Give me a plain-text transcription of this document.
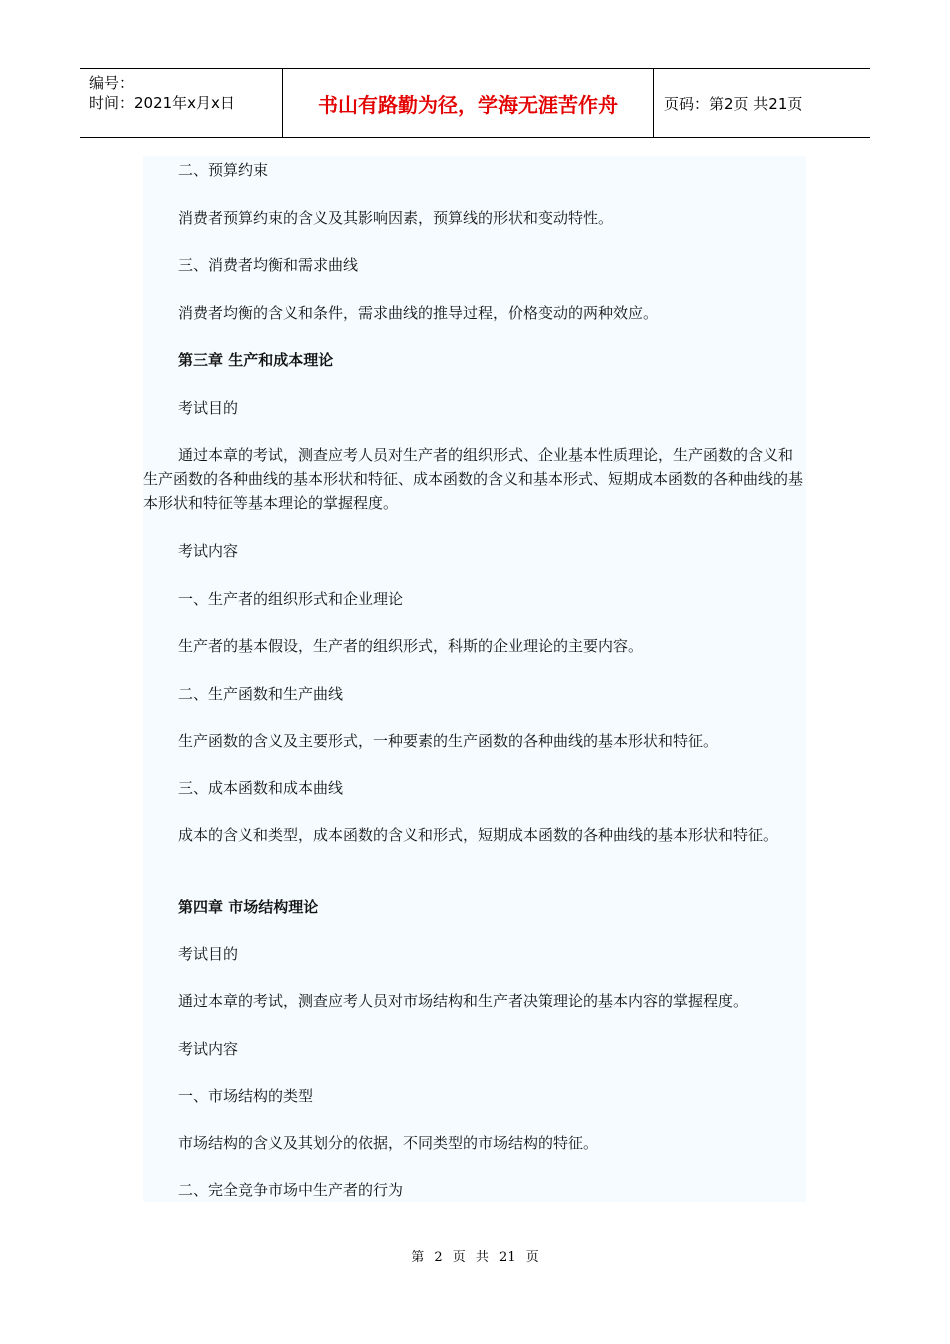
编号：
时间：2021年x月x日	书山有路勤为径，学海无涯苦作舟	页码：第2页 共21页
二、预算约束
消费者预算约束的含义及其影响因素，预算线的形状和变动特性。
三、消费者均衡和需求曲线
消费者均衡的含义和条件，需求曲线的推导过程，价格变动的两种效应。
第三章 生产和成本理论
考试目的
通过本章的考试，测查应考人员对生产者的组织形式、企业基本性质理论，生产函数的含义和生产函数的各种曲线的基本形状和特征、成本函数的含义和基本形式、短期成本函数的各种曲线的基本形状和特征等基本理论的掌握程度。
考试内容
一、生产者的组织形式和企业理论
生产者的基本假设，生产者的组织形式，科斯的企业理论的主要内容。
二、生产函数和生产曲线
生产函数的含义及主要形式，一种要素的生产函数的各种曲线的基本形状和特征。
三、成本函数和成本曲线
成本的含义和类型，成本函数的含义和形式，短期成本函数的各种曲线的基本形状和特征。
第四章 市场结构理论
考试目的
通过本章的考试，测查应考人员对市场结构和生产者决策理论的基本内容的掌握程度。
考试内容
一、市场结构的类型
市场结构的含义及其划分的依据，不同类型的市场结构的特征。
二、完全竞争市场中生产者的行为
第 2 页 共 21 页
